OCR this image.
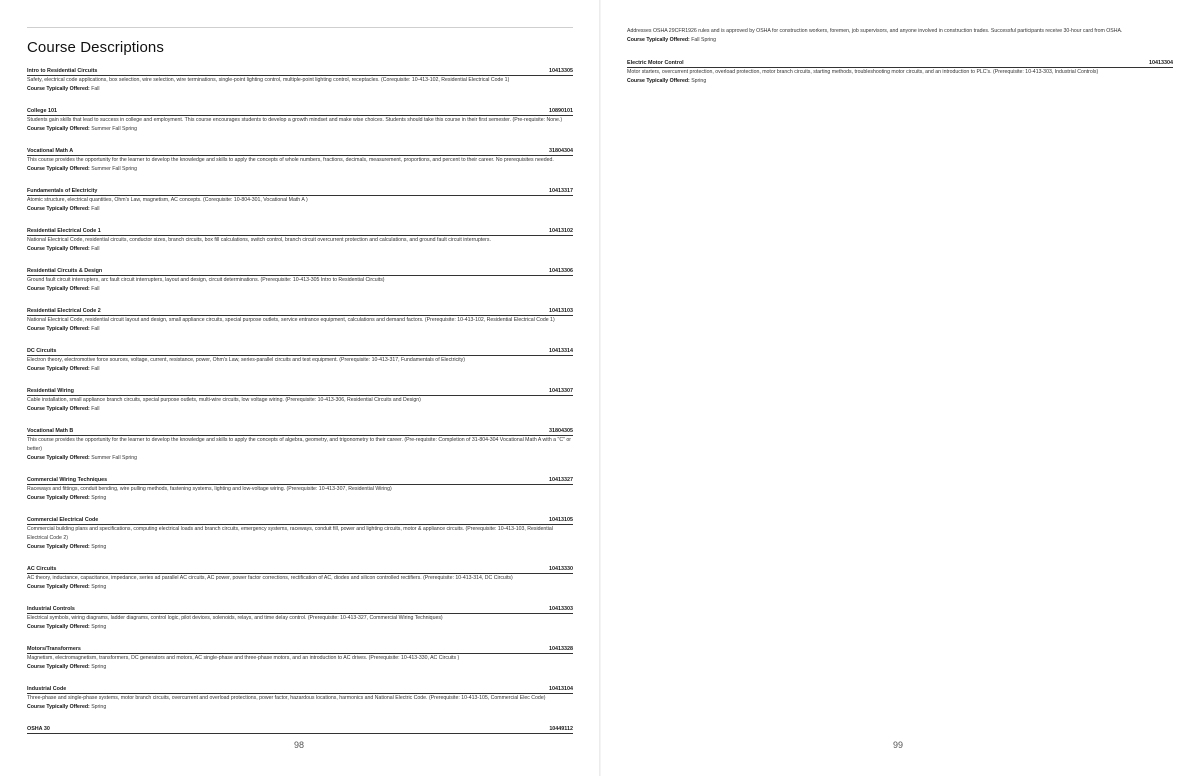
Course Descriptions
Intro to Residential Circuits	10413305
Safety, electrical code applications, box selection, wire selection, wire terminations, single-point lighting control, multiple-point lighting control, receptacles. (Corequisite: 10-413-102, Residential Electrical Code 1)
Course Typically Offered: Fall
College 101	10890101
Students gain skills that lead to success in college and employment. This course encourages students to develop a growth mindset and make wise choices. Students should take this course in their first semester. (Pre-requisite: None.)
Course Typically Offered: Summer Fall Spring
Vocational Math A	31804304
This course provides the opportunity for the learner to develop the knowledge and skills to apply the concepts of whole numbers, fractions, decimals, measurement, proportions, and percent to their career. No prerequisites needed.
Course Typically Offered: Summer Fall Spring
Fundamentals of Electricity	10413317
Atomic structure, electrical quantities, Ohm's Law, magnetism, AC concepts. (Corequisite: 10-804-301, Vocational Math A )
Course Typically Offered: Fall
Residential Electrical Code 1	10413102
National Electrical Code, residential circuits, conductor sizes, branch circuits, box fill calculations, switch control, branch circuit overcurrent protection and calculations, and ground fault circuit interrupters.
Course Typically Offered: Fall
Residential Circuits & Design	10413306
Ground fault circuit interrupters, arc fault circuit interrupters, layout and design, circuit determinations. (Prerequisite: 10-413-305 Intro to Residential Circuits)
Course Typically Offered: Fall
Residential Electrical Code 2	10413103
National Electrical Code, residential circuit layout and design, small appliance circuits, special purpose outlets, service entrance equipment, calculations and demand factors. (Prerequisite: 10-413-102, Residential Electrical Code 1)
Course Typically Offered: Fall
DC Circuits	10413314
Electron theory, electromotive force sources, voltage, current, resistance, power, Ohm's Law, series-parallel circuits and test equipment. (Prerequisite: 10-413-317, Fundamentals of Electricity)
Course Typically Offered: Fall
Residential Wiring	10413307
Cable installation, small appliance branch circuits, special purpose outlets, multi-wire circuits, low voltage wiring. (Prerequisite: 10-413-306, Residential Circuits and Design)
Course Typically Offered: Fall
Vocational Math B	31804305
This course provides the opportunity for the learner to develop the knowledge and skills to apply the concepts of algebra, geometry, and trigonometry to their career. (Pre-requisite: Completion of 31-804-304 Vocational Math A with a "C" or better)
Course Typically Offered: Summer Fall Spring
Commercial Wiring Techniques	10413327
Raceways and fittings, conduit bending, wire pulling methods, fastening systems, lighting and low-voltage wiring. (Prerequisite: 10-413-307, Residential Wiring)
Course Typically Offered: Spring
Commercial Electrical Code	10413105
Commercial building plans and specifications, computing electrical loads and branch circuits, emergency systems, raceways, conduit fill, power and lighting circuits, motor & appliance circuits. (Prerequisite: 10-413-103, Residential Electrical Code 2)
Course Typically Offered: Spring
AC Circuits	10413330
AC theory, inductance, capacitance, impedance, series ad parallel AC circuits, AC power, power factor corrections, rectification of AC, diodes and silicon controlled rectifiers. (Prerequisite: 10-413-314, DC Circuits)
Course Typically Offered: Spring
Industrial Controls	10413303
Electrical symbols, wiring diagrams, ladder diagrams, control logic, pilot devices, solenoids, relays, and time delay control. (Prerequisite: 10-413-327, Commercial Wiring Techniques)
Course Typically Offered: Spring
Motors/Transformers	10413328
Magnetism, electromagnetism, transformers, DC generators and motors, AC single-phase and three-phase motors, and an introduction to AC drives. (Prerequisite: 10-413-330, AC Circuits )
Course Typically Offered: Spring
Industrial Code	10413104
Three-phase and single-phase systems, motor branch circuits, overcurrent and overload protections, power factor, hazardous locations, harmonics and National Electric Code. (Prerequisite: 10-413-105, Commercial Elec Code)
Course Typically Offered: Spring
OSHA 30	10449112
Addresses OSHA 29CFR1926 rules and is approved by OSHA for construction workers, foremen, job supervisors, and anyone involved in construction trades. Successful participants receive 30-hour card from OSHA.
Course Typically Offered: Fall Spring
Electric Motor Control	10413304
Motor starters, overcurrent protection, overload protection, motor branch circuits, starting methods, troubleshooting motor circuits, and an introduction to PLC's. (Prerequisite: 10-413-303, Industrial Controls)
Course Typically Offered: Spring
98	99
